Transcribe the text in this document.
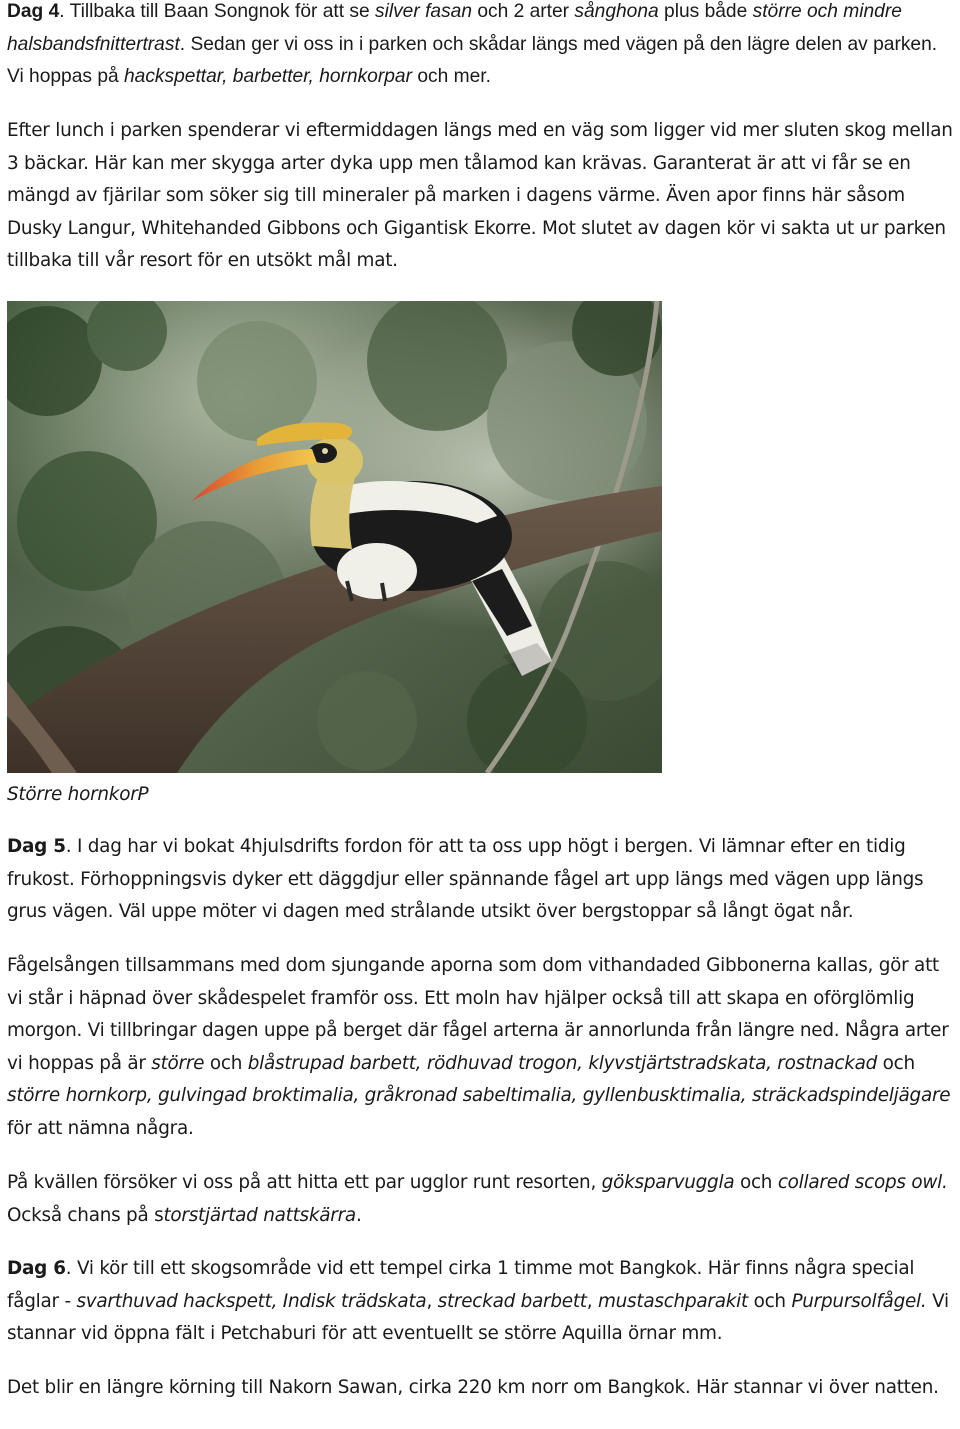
Dag 4. Tillbaka till Baan Songnok för att se silver fasan och 2 arter sånghona plus både större och mindre halsbandsfnittertrast. Sedan ger vi oss in i parken och skådar längs med vägen på den lägre delen av parken. Vi hoppas på hackspettar, barbetter, hornkorpar och mer.

Efter lunch i parken spenderar vi eftermiddagen längs med en väg som ligger vid mer sluten skog mellan 3 bäckar. Här kan mer skygga arter dyka upp men tålamod kan krävas. Garanterat är att vi får se en mängd av fjärilar som söker sig till mineraler på marken i dagens värme. Även apor finns här såsom Dusky Langur, Whitehanded Gibbons och Gigantisk Ekorre. Mot slutet av dagen kör vi sakta ut ur parken tillbaka till vår resort för en utsökt mål mat.

Större hornkorP

Dag 5. I dag har vi bokat 4hjulsdrifts fordon för att ta oss upp högt i bergen. Vi lämnar efter en tidig frukost. Förhoppningsvis dyker ett däggdjur eller spännande fågel art upp längs med vägen upp längs grus vägen. Väl uppe möter vi dagen med strålande utsikt över bergstoppar så långt ögat når.

Fågelsången tillsammans med dom sjungande aporna som dom vithandaded Gibbonerna kallas, gör att vi står i häpnad över skådespelet framför oss. Ett moln hav hjälper också till att skapa en oförglömlig morgon. Vi tillbringar dagen uppe på berget där fågel arterna är annorlunda från längre ned. Några arter vi hoppas på är större och blåstrupad barbett, rödhuvad trogon, klyvstjärtstradskata, rostnackad och större hornkorp, gulvingad broktimalia, gråkronad sabeltimalia, gyllenbusktimalia, sträckadspindeljägare för att nämna några.

På kvällen försöker vi oss på att hitta ett par ugglor runt resorten, göksparvuggla och collared scops owl. Också chans på storstjärtad nattskärra.

Dag 6. Vi kör till ett skogsområde vid ett tempel cirka 1 timme mot Bangkok. Här finns några special fåglar - svarthuvad hackspett, Indisk trädskata, streckad barbett, mustaschparakit och Purpursolfågel. Vi stannar vid öppna fält i Petchaburi för att eventuellt se större Aquilla örnar mm.

Det blir en längre körning till Nakorn Sawan, cirka 220 km norr om Bangkok. Här stannar vi över natten.
